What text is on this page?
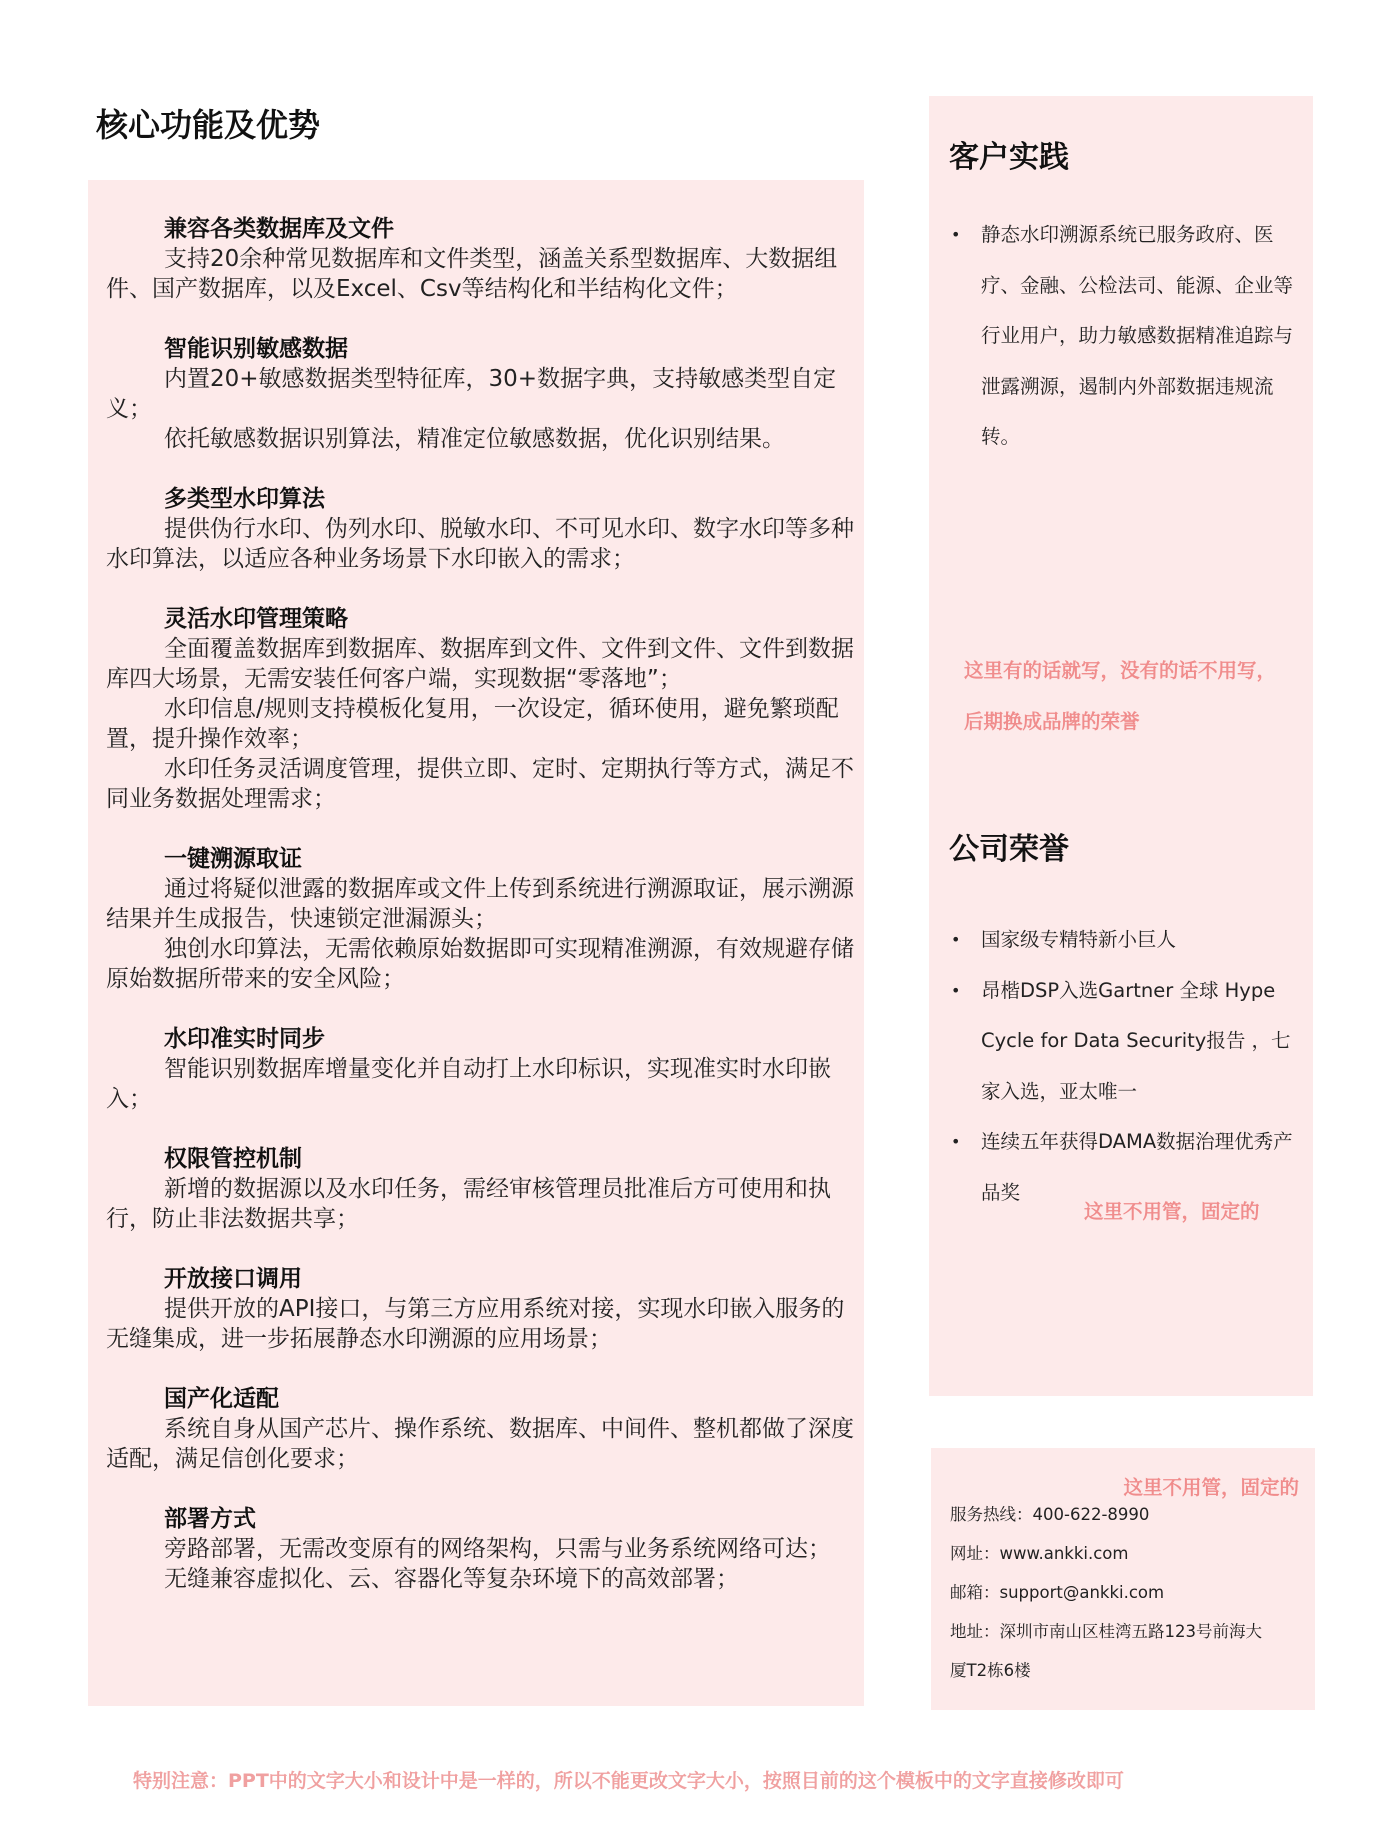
核心功能及优势
兼容各类数据库及文件
支持20余种常见数据库和文件类型，涵盖关系型数据库、大数据组件、国产数据库，以及Excel、Csv等结构化和半结构化文件；
智能识别敏感数据
内置20+敏感数据类型特征库，30+数据字典，支持敏感类型自定义；
依托敏感数据识别算法，精准定位敏感数据，优化识别结果。
多类型水印算法
提供伪行水印、伪列水印、脱敏水印、不可见水印、数字水印等多种水印算法，以适应各种业务场景下水印嵌入的需求；
灵活水印管理策略
全面覆盖数据库到数据库、数据库到文件、文件到文件、文件到数据库四大场景，无需安装任何客户端，实现数据“零落地”；
水印信息/规则支持模板化复用，一次设定，循环使用，避免繁琐配置，提升操作效率；
水印任务灵活调度管理，提供立即、定时、定期执行等方式，满足不同业务数据处理需求；
一键溯源取证
通过将疑似泄露的数据库或文件上传到系统进行溯源取证，展示溯源结果并生成报告，快速锁定泄漏源头；
独创水印算法，无需依赖原始数据即可实现精准溯源，有效规避存储原始数据所带来的安全风险；
水印准实时同步
智能识别数据库增量变化并自动打上水印标识，实现准实时水印嵌入；
权限管控机制
新增的数据源以及水印任务，需经审核管理员批准后方可使用和执行，防止非法数据共享；
开放接口调用
提供开放的API接口，与第三方应用系统对接，实现水印嵌入服务的无缝集成，进一步拓展静态水印溯源的应用场景；
国产化适配
系统自身从国产芯片、操作系统、数据库、中间件、整机都做了深度适配，满足信创化要求；
部署方式
旁路部署，无需改变原有的网络架构，只需与业务系统网络可达；
无缝兼容虚拟化、云、容器化等复杂环境下的高效部署；
客户实践
• 静态水印溯源系统已服务政府、医疗、金融、公检法司、能源、企业等行业用户，助力敏感数据精准追踪与泄露溯源，遏制内外部数据违规流转。
这里有的话就写，没有的话不用写，后期换成品牌的荣誉
公司荣誉
• 国家级专精特新小巨人
• 昂楷DSP入选Gartner 全球 Hype Cycle for Data Security报告 ，七家入选，亚太唯一
• 连续五年获得DAMA数据治理优秀产品奖
这里不用管，固定的
这里不用管，固定的
服务热线：400-622-8990
网址：www.ankki.com
邮箱：support@ankki.com
地址：深圳市南山区桂湾五路123号前海大
厦T2栋6楼
特别注意：PPT中的文字大小和设计中是一样的，所以不能更改文字大小，按照目前的这个模板中的文字直接修改即可
